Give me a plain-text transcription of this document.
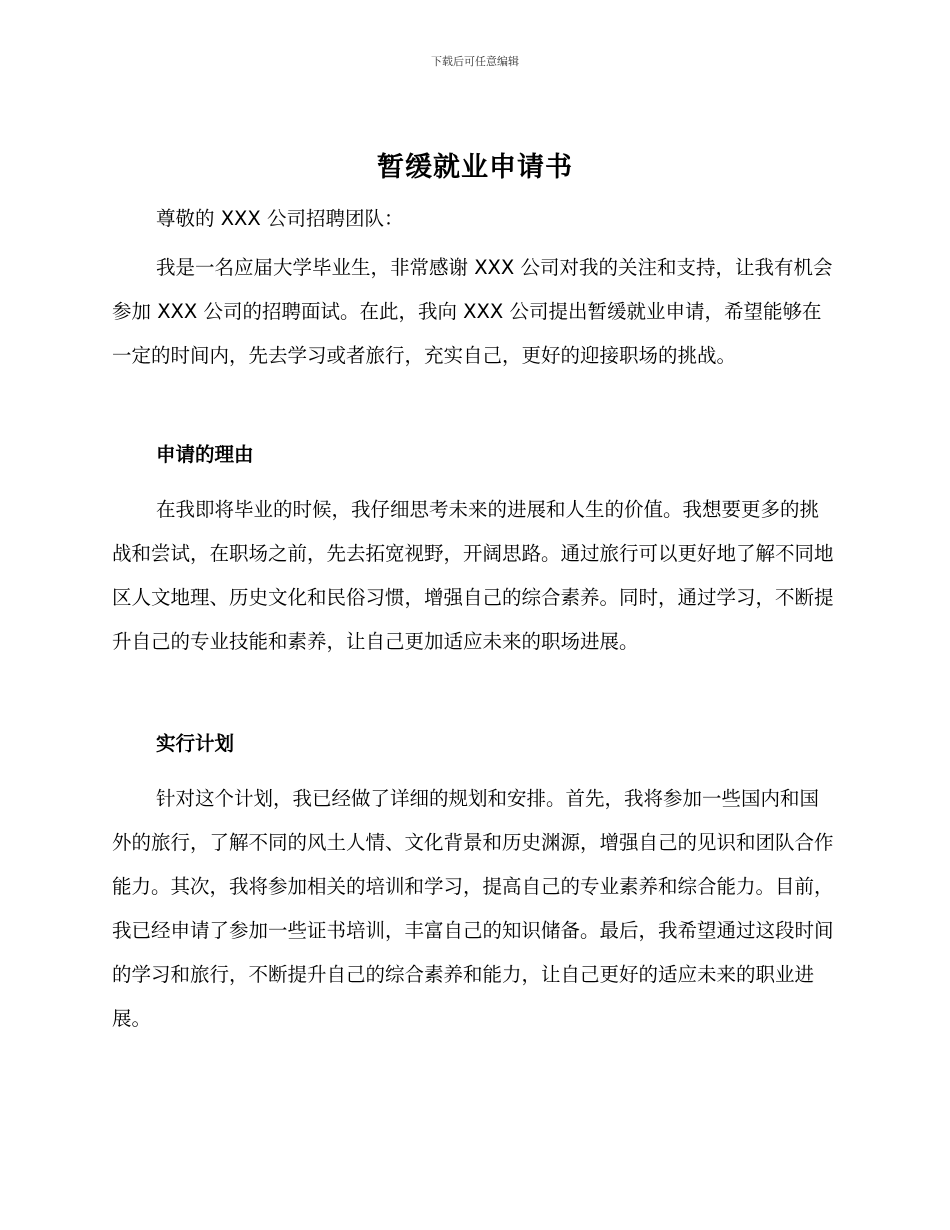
下载后可任意编辑
暂缓就业申请书

尊敬的 XXX 公司招聘团队：

我是一名应届大学毕业生，非常感谢 XXX 公司对我的关注和支持，让我有机会参加 XXX 公司的招聘面试。在此，我向 XXX 公司提出暂缓就业申请，希望能够在一定的时间内，先去学习或者旅行，充实自己，更好的迎接职场的挑战。

申请的理由

在我即将毕业的时候，我仔细思考未来的进展和人生的价值。我想要更多的挑战和尝试，在职场之前，先去拓宽视野，开阔思路。通过旅行可以更好地了解不同地区人文地理、历史文化和民俗习惯，增强自己的综合素养。同时，通过学习，不断提升自己的专业技能和素养，让自己更加适应未来的职场进展。

实行计划

针对这个计划，我已经做了详细的规划和安排。首先，我将参加一些国内和国外的旅行，了解不同的风土人情、文化背景和历史渊源，增强自己的见识和团队合作能力。其次，我将参加相关的培训和学习，提高自己的专业素养和综合能力。目前，我已经申请了参加一些证书培训，丰富自己的知识储备。最后，我希望通过这段时间的学习和旅行，不断提升自己的综合素养和能力，让自己更好的适应未来的职业进展。
